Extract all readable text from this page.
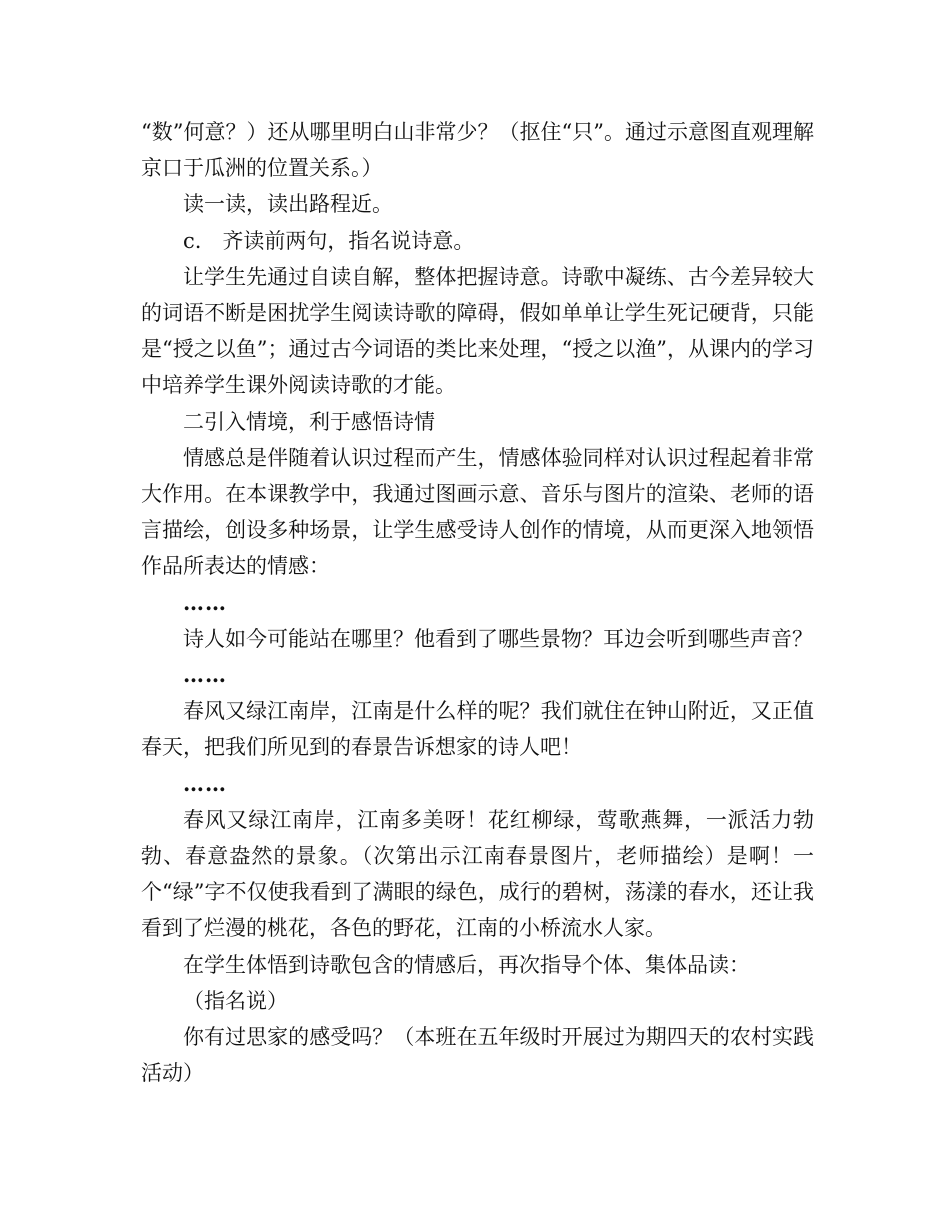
“数”何意？）还从哪里明白山非常少？（抠住“只”。通过示意图直观理解京口于瓜洲的位置关系。）

读一读，读出路程近。

c.　齐读前两句，指名说诗意。

让学生先通过自读自解，整体把握诗意。诗歌中凝练、古今差异较大的词语不断是困扰学生阅读诗歌的障碍，假如单单让学生死记硬背，只能是“授之以鱼”；通过古今词语的类比来处理，“授之以渔”，从课内的学习中培养学生课外阅读诗歌的才能。

二引入情境，利于感悟诗情

情感总是伴随着认识过程而产生，情感体验同样对认识过程起着非常大作用。在本课教学中，我通过图画示意、音乐与图片的渲染、老师的语言描绘，创设多种场景，让学生感受诗人创作的情境，从而更深入地领悟作品所表达的情感：

……

诗人如今可能站在哪里？他看到了哪些景物？耳边会听到哪些声音？

……

春风又绿江南岸，江南是什么样的呢？我们就住在钟山附近，又正值春天，把我们所见到的春景告诉想家的诗人吧！

……

春风又绿江南岸，江南多美呀！花红柳绿，莺歌燕舞，一派活力勃勃、春意盎然的景象。（次第出示江南春景图片，老师描绘）是啊！一个“绿”字不仅使我看到了满眼的绿色，成行的碧树，荡漾的春水，还让我看到了烂漫的桃花，各色的野花，江南的小桥流水人家。

在学生体悟到诗歌包含的情感后，再次指导个体、集体品读：

（指名说）

你有过思家的感受吗？（本班在五年级时开展过为期四天的农村实践活动）
